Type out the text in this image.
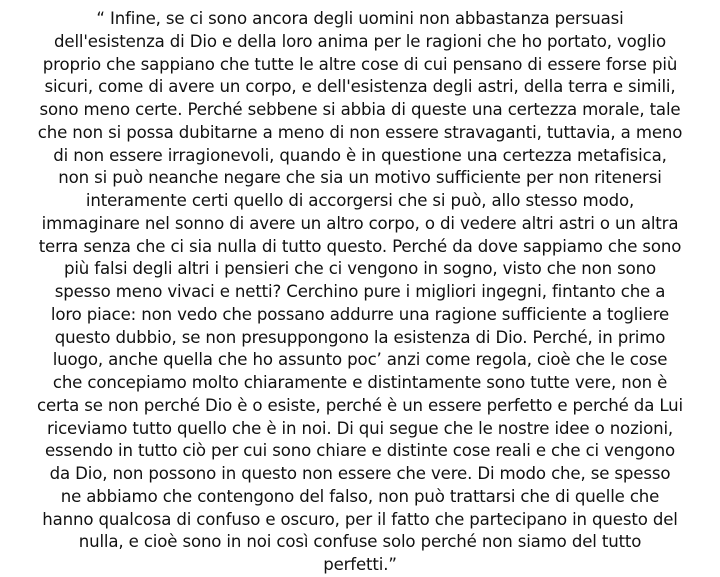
“ Infine, se ci sono ancora degli uomini non abbastanza persuasi
dell'esistenza di Dio e della loro anima per le ragioni che ho portato, voglio
proprio che sappiano che tutte le altre cose di cui pensano di essere forse più
sicuri, come di avere un corpo, e dell'esistenza degli astri, della terra e simili,
sono meno certe. Perché sebbene si abbia di queste una certezza morale, tale
che non si possa dubitarne a meno di non essere stravaganti, tuttavia, a meno
di non essere irragionevoli, quando è in questione una certezza metafisica,
non si può neanche negare che sia un motivo sufficiente per non ritenersi
interamente certi quello di accorgersi che si può, allo stesso modo,
immaginare nel sonno di avere un altro corpo, o di vedere altri astri o un altra
terra senza che ci sia nulla di tutto questo. Perché da dove sappiamo che sono
più falsi degli altri i pensieri che ci vengono in sogno, visto che non sono
spesso meno vivaci e netti? Cerchino pure i migliori ingegni, fintanto che a
loro piace: non vedo che possano addurre una ragione sufficiente a togliere
questo dubbio, se non presuppongono la esistenza di Dio. Perché, in primo
luogo, anche quella che ho assunto poc’ anzi come regola, cioè che le cose
che concepiamo molto chiaramente e distintamente sono tutte vere, non è
certa se non perché Dio è o esiste, perché è un essere perfetto e perché da Lui
riceviamo tutto quello che è in noi. Di qui segue che le nostre idee o nozioni,
essendo in tutto ciò per cui sono chiare e distinte cose reali e che ci vengono
da Dio, non possono in questo non essere che vere. Di modo che, se spesso
ne abbiamo che contengono del falso, non può trattarsi che di quelle che
hanno qualcosa di confuso e oscuro, per il fatto che partecipano in questo del
nulla, e cioè sono in noi così confuse solo perché non siamo del tutto
perfetti.”
